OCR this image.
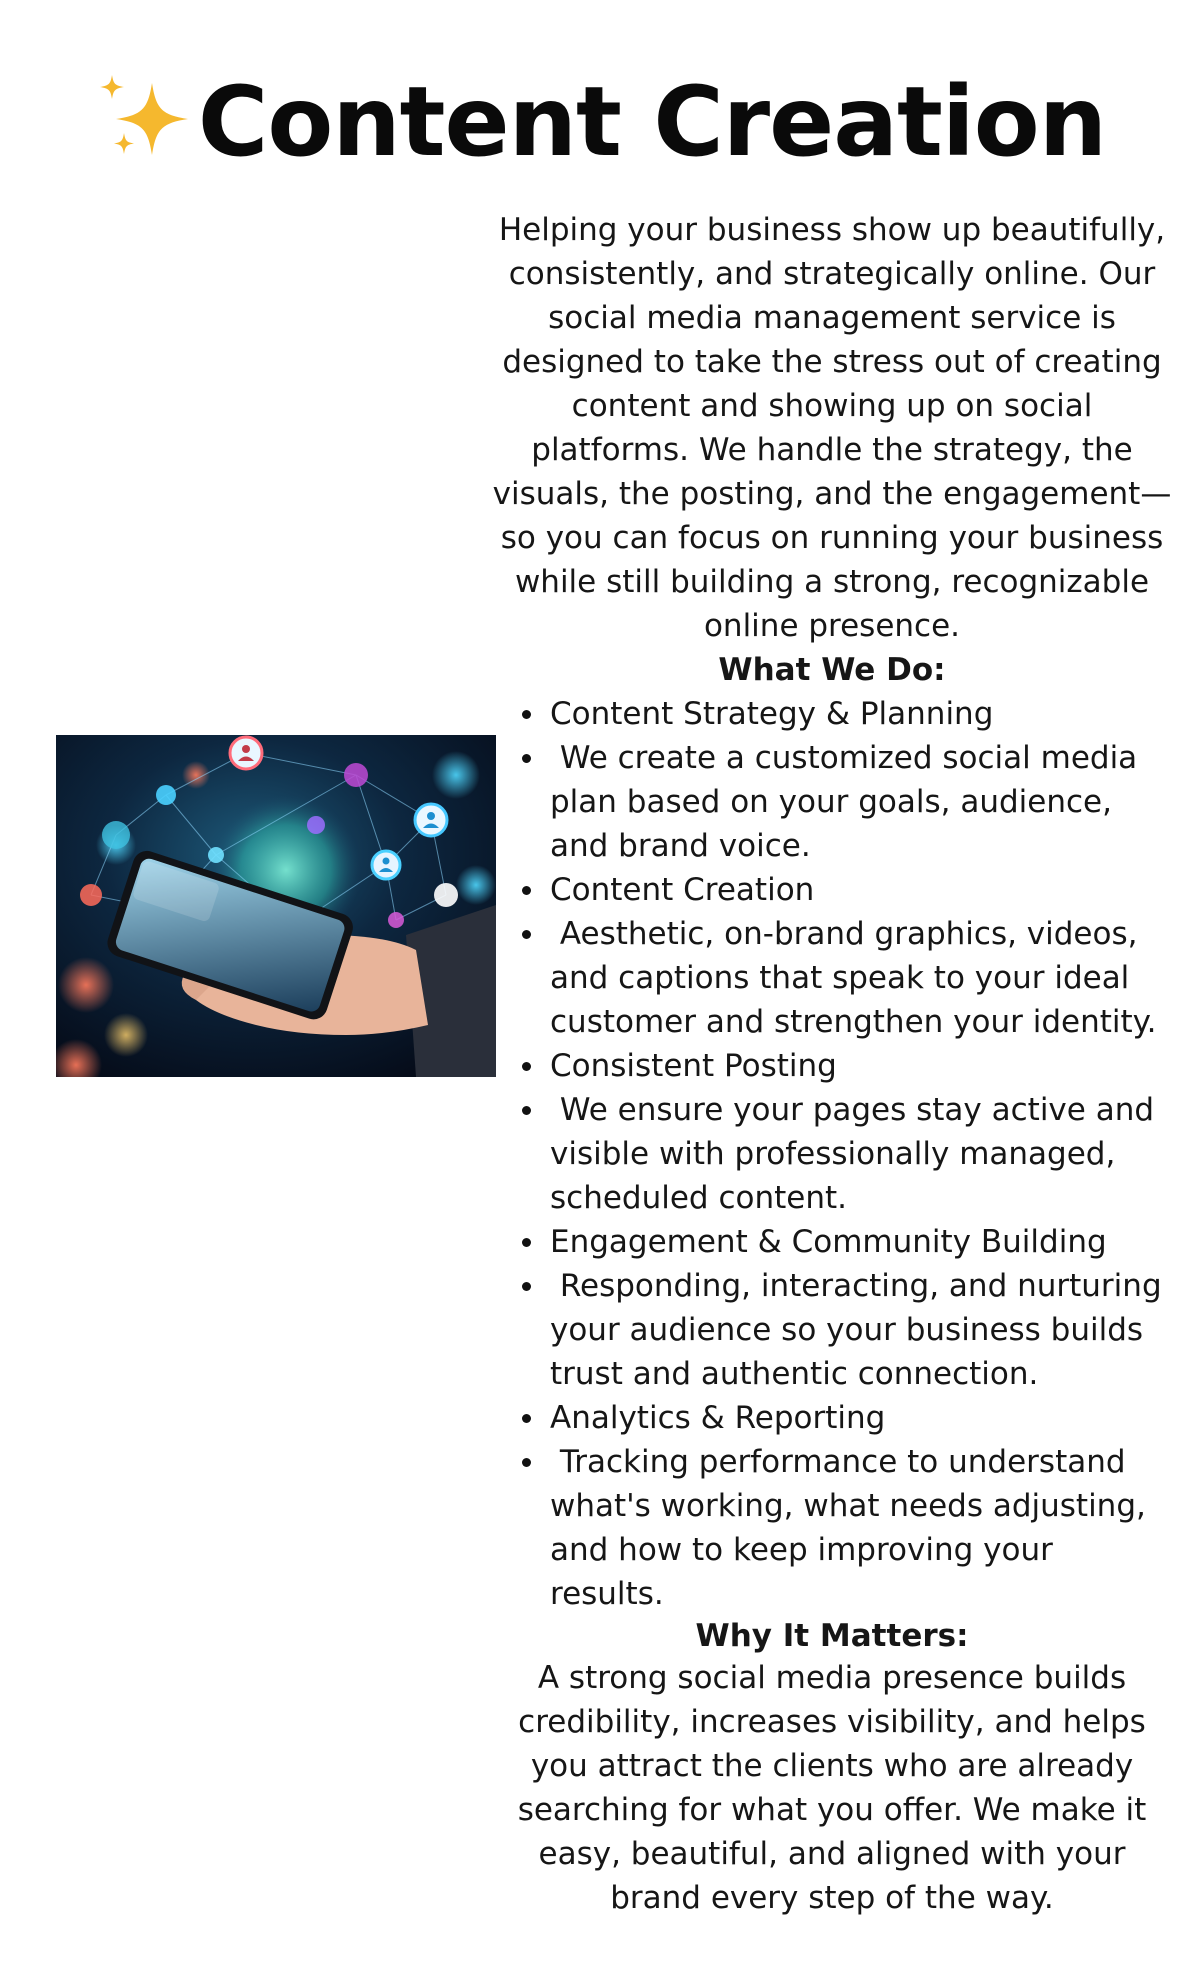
Content Creation

Helping your business show up beautifully, consistently, and strategically online. Our social media management service is designed to take the stress out of creating content and showing up on social platforms. We handle the strategy, the visuals, the posting, and the engagement—so you can focus on running your business while still building a strong, recognizable online presence.

What We Do:

Content Strategy & Planning
We create a customized social media plan based on your goals, audience, and brand voice.
Content Creation
Aesthetic, on-brand graphics, videos, and captions that speak to your ideal customer and strengthen your identity.
Consistent Posting
We ensure your pages stay active and visible with professionally managed, scheduled content.
Engagement & Community Building
Responding, interacting, and nurturing your audience so your business builds trust and authentic connection.
Analytics & Reporting
Tracking performance to understand what's working, what needs adjusting, and how to keep improving your results.

Why It Matters:

A strong social media presence builds credibility, increases visibility, and helps you attract the clients who are already searching for what you offer. We make it easy, beautiful, and aligned with your brand every step of the way.
